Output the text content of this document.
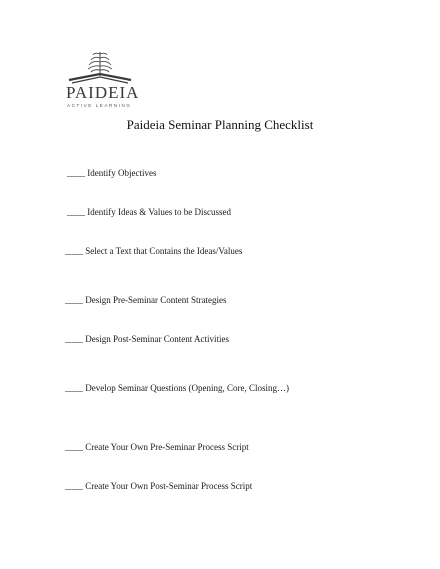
PAIDEIA
ACTIVE LEARNING
Paideia Seminar Planning Checklist
____ Identify Objectives
____ Identify Ideas & Values to be Discussed
____ Select a Text that Contains the Ideas/Values
____ Design Pre-Seminar Content Strategies
____ Design Post-Seminar Content Activities
____ Develop Seminar Questions (Opening, Core, Closing…)
____ Create Your Own Pre-Seminar Process Script
____ Create Your Own Post-Seminar Process Script
